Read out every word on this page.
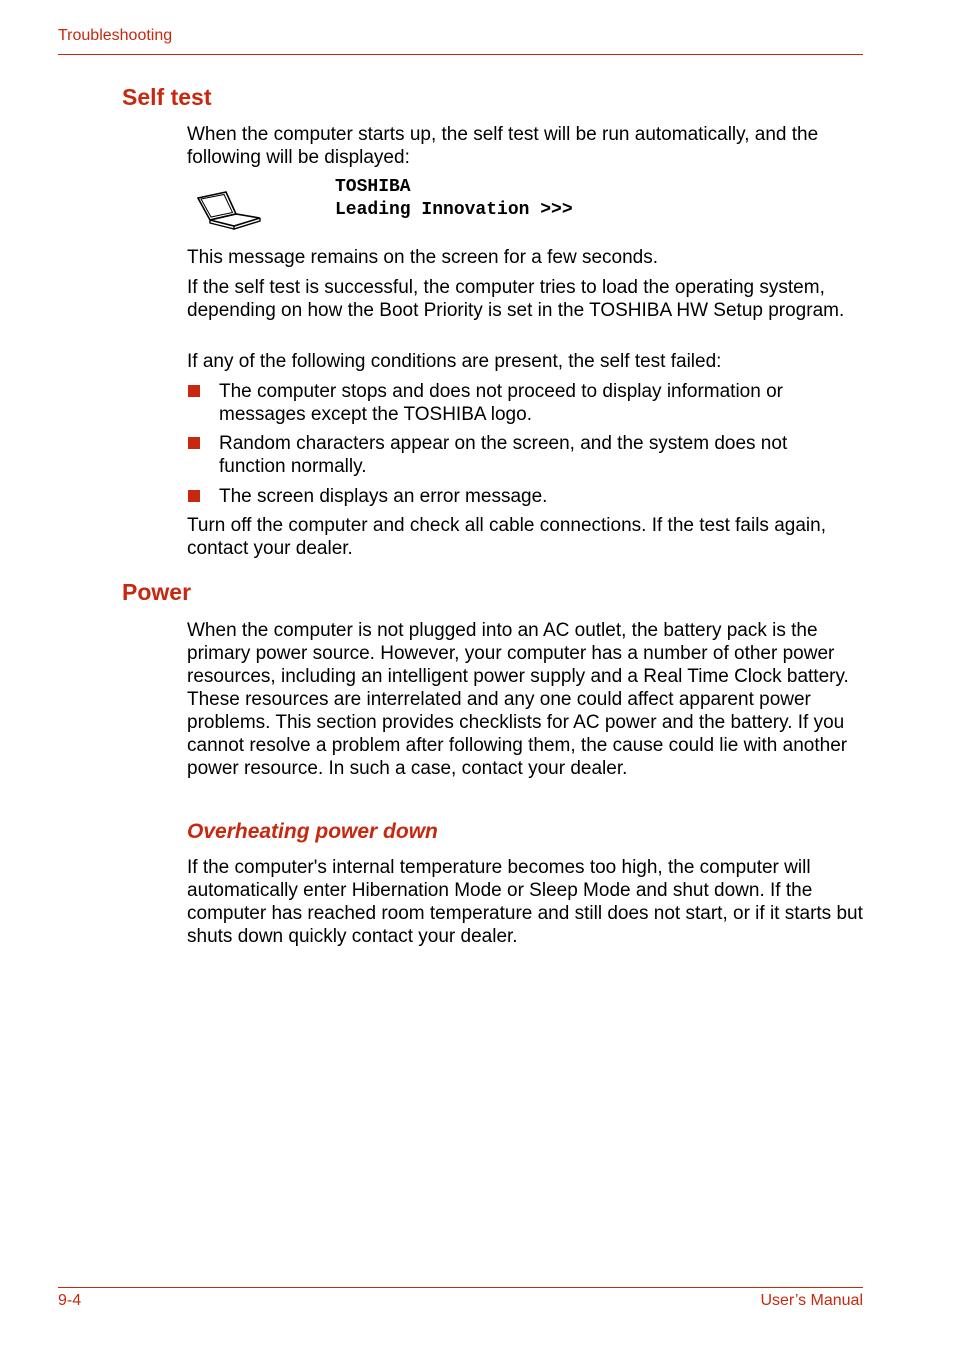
Troubleshooting
Self test

When the computer starts up, the self test will be run automatically, and the following will be displayed:

TOSHIBA
Leading Innovation >>>

This message remains on the screen for a few seconds.

If the self test is successful, the computer tries to load the operating system, depending on how the Boot Priority is set in the TOSHIBA HW Setup program.

If any of the following conditions are present, the self test failed:

The computer stops and does not proceed to display information or messages except the TOSHIBA logo.
Random characters appear on the screen, and the system does not function normally.
The screen displays an error message.

Turn off the computer and check all cable connections. If the test fails again, contact your dealer.

Power

When the computer is not plugged into an AC outlet, the battery pack is the primary power source. However, your computer has a number of other power resources, including an intelligent power supply and a Real Time Clock battery. These resources are interrelated and any one could affect apparent power problems. This section provides checklists for AC power and the battery. If you cannot resolve a problem after following them, the cause could lie with another power resource. In such a case, contact your dealer.

Overheating power down

If the computer's internal temperature becomes too high, the computer will automatically enter Hibernation Mode or Sleep Mode and shut down. If the computer has reached room temperature and still does not start, or if it starts but shuts down quickly contact your dealer.

9-4	User’s Manual
